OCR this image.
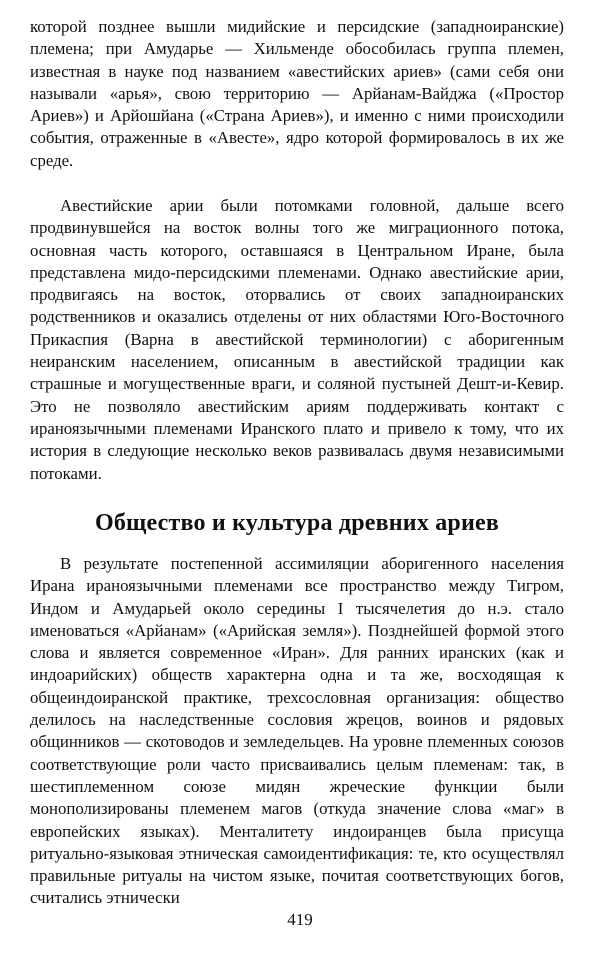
которой позднее вышли мидийские и персидские (западноиранские) племена; при Амударье — Хильменде обособилась группа племен, известная в науке под названием «авестийских ариев» (сами себя они называли «арья», свою территорию — Арйанам-Вайджа («Простор Ариев») и Арйошйана («Страна Ариев»), и именно с ними происходили события, отраженные в «Авесте», ядро которой формировалось в их же среде.

Авестийские арии были потомками головной, дальше всего продвинувшейся на восток волны того же миграционного потока, основная часть которого, оставшаяся в Центральном Иране, была представлена мидо-персидскими племенами. Однако авестийские арии, продвигаясь на восток, оторвались от своих западноиранских родственников и оказались отделены от них областями Юго-Восточного Прикаспия (Варна в авестийской терминологии) с аборигенным неиранским населением, описанным в авестийской традиции как страшные и могущественные враги, и соляной пустыней Дешт-и-Кевир. Это не позволяло авестийским ариям поддерживать контакт с ираноязычными племенами Иранского плато и привело к тому, что их история в следующие несколько веков развивалась двумя независимыми потоками.

Общество и культура древних ариев

В результате постепенной ассимиляции аборигенного населения Ирана ираноязычными племенами все пространство между Тигром, Индом и Амударьей около середины I тысячелетия до н.э. стало именоваться «Арйанам» («Арийская земля»). Позднейшей формой этого слова и является современное «Иран». Для ранних иранских (как и индоарийских) обществ характерна одна и та же, восходящая к общеиндоиранской практике, трехсословная организация: общество делилось на наследственные сословия жрецов, воинов и рядовых общинников — скотоводов и земледельцев. На уровне племенных союзов соответствующие роли часто присваивались целым племенам: так, в шестиплеменном союзе мидян жреческие функции были монополизированы племенем магов (откуда значение слова «маг» в европейских языках). Менталитету индоиранцев была присуща ритуально-языковая этническая самоидентификация: те, кто осуществлял правильные ритуалы на чистом языке, почитая соответствующих богов, считались этнически

419
